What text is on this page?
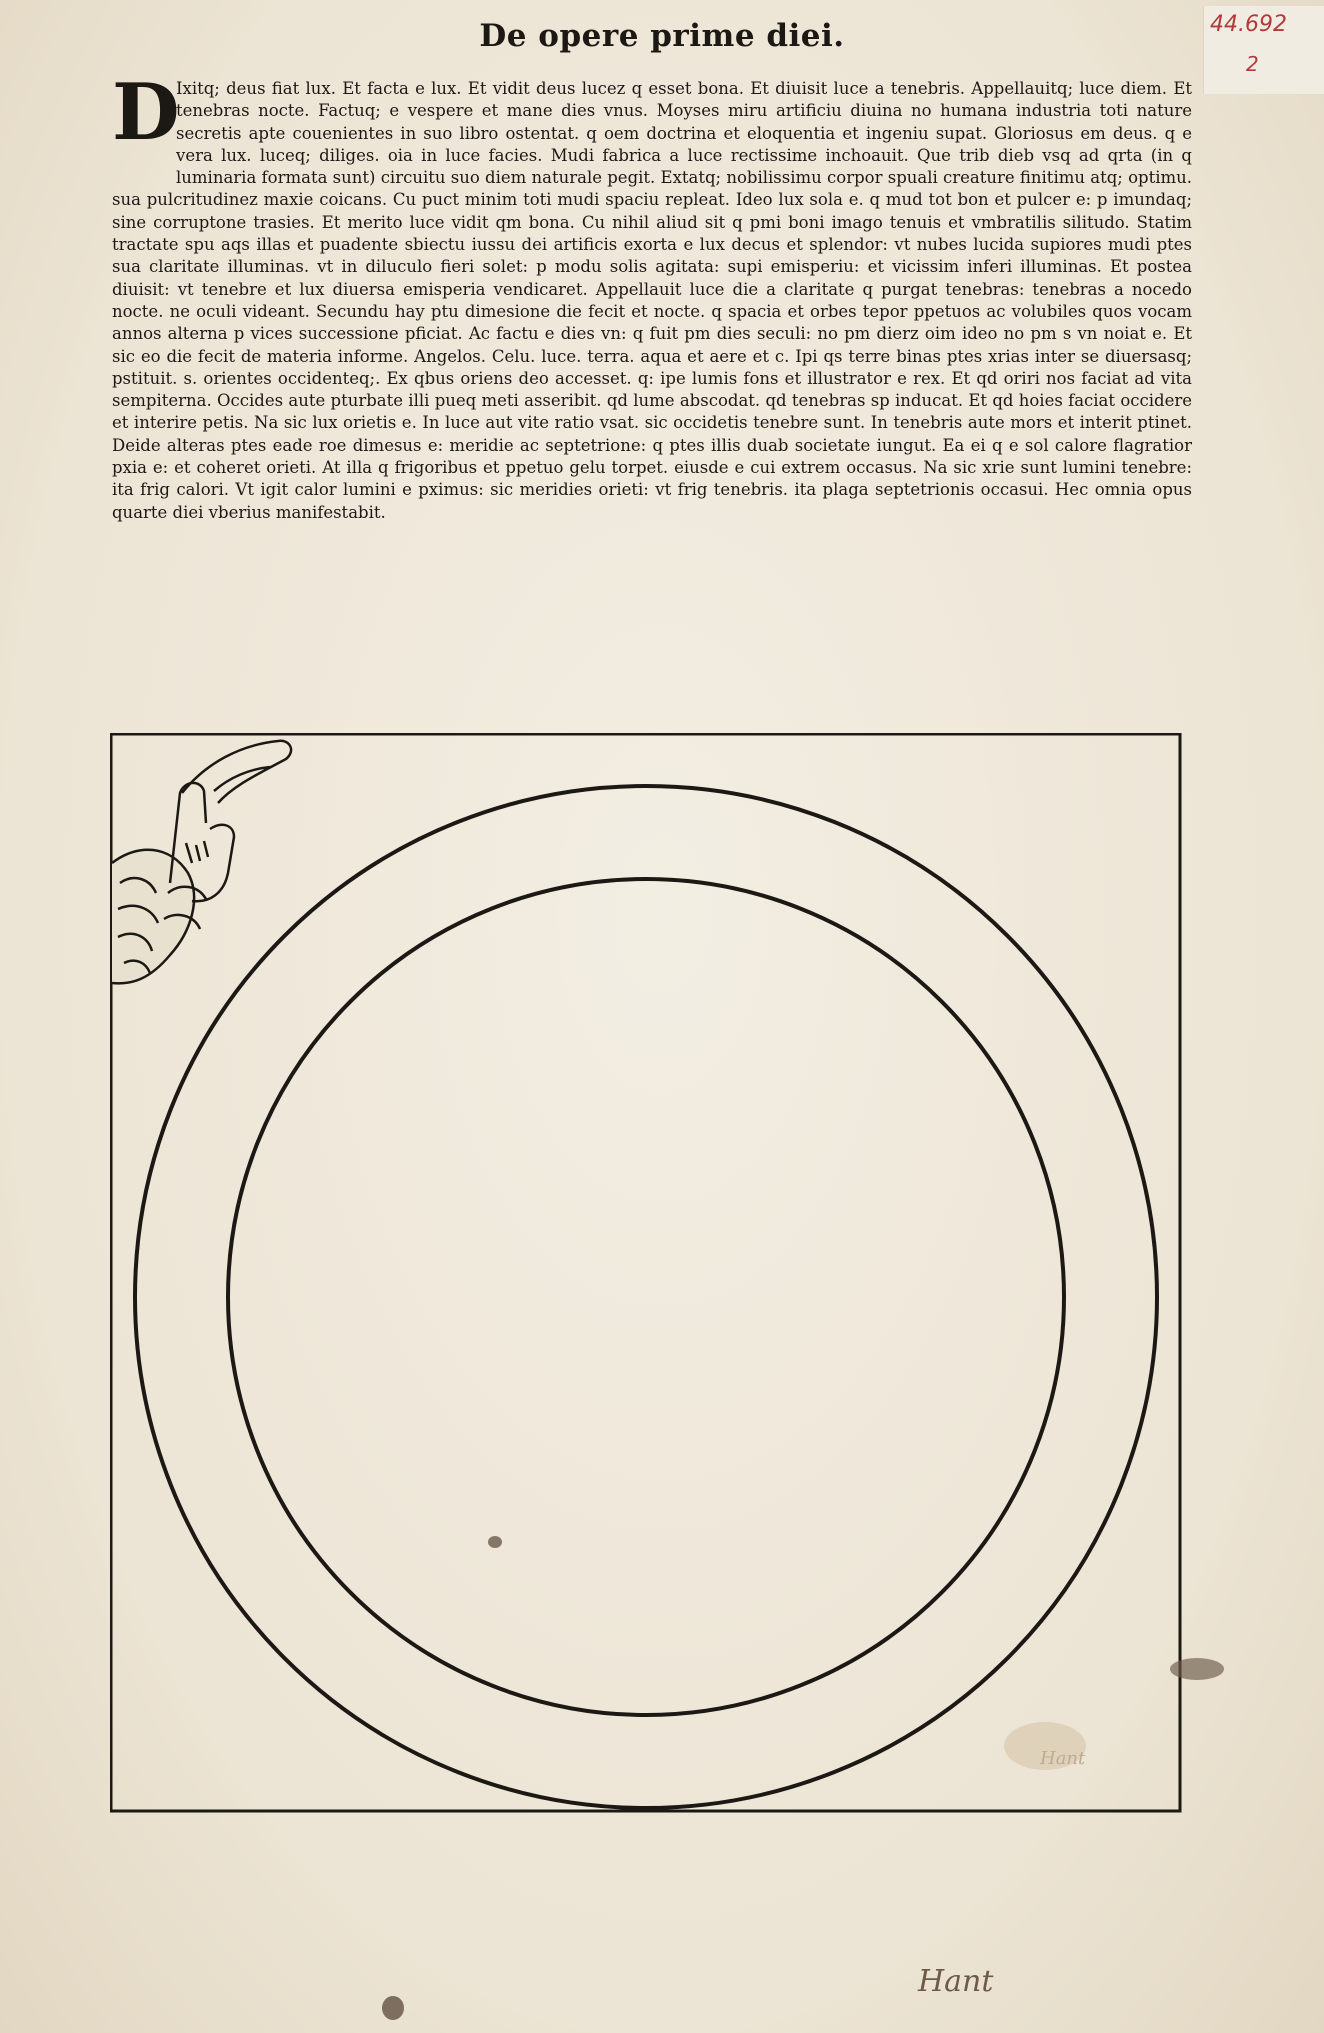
De opere prime diei.	44.692
2
D
Ixitq; deus fiat lux. Et facta e lux. Et vidit deus lucez q esset bona. Et diuisit luce a tenebris. Appellauitq; luce diem. Et tenebras nocte. Factuq; e vespere et mane dies vnus. Moyses miru artificiu diuina no humana industria toti nature secretis apte couenientes in suo libro ostentat. q oem doctrina et eloquentia et ingeniu supat. Gloriosus em deus. q e vera lux. luceq; diliges. oia in luce facies. Mudi fabrica a luce rectissime inchoauit. Que trib dieb vsq ad qrta (in q luminaria formata sunt) circuitu suo diem naturale pegit. Extatq; nobilissimu corpor spuali creature finitimu atq; optimu. sua pulcritudinez maxie coicans. Cu puct minim toti mudi spaciu repleat. Ideo lux sola e. q mud tot bon et pulcer e: p imundaq; sine corruptone trasies. Et merito luce vidit qm bona. Cu nihil aliud sit q pmi boni imago tenuis et vmbratilis silitudo. Statim tractate spu aqs illas et puadente sbiectu iussu dei artificis exorta e lux decus et splendor: vt nubes lucida supiores mudi ptes sua claritate illuminas. vt in diluculo fieri solet: p modu solis agitata: supi emisperiu: et vicissim inferi illuminas. Et postea diuisit: vt tenebre et lux diuersa emisperia vendicaret. Appellauit luce die a claritate q purgat tenebras: tenebras a nocedo nocte. ne oculi videant. Secundu hay ptu dimesione die fecit et nocte. q spacia et orbes tepor ppetuos ac volubiles quos vocam annos alterna p vices successione pficiat. Ac factu e dies vn: q fuit pm dies seculi: no pm dierz oim ideo no pm s vn noiat e. Et sic eo die fecit de materia informe. Angelos. Celu. luce. terra. aqua et aere et c. Ipi qs terre binas ptes xrias inter se diuersasq; pstituit. s. orientes occidenteq;. Ex qbus oriens deo accesset. q: ipe lumis fons et illustrator e rex. Et qd oriri nos faciat ad vita sempiterna. Occides aute pturbate illi pueq meti asseribit. qd lume abscodat. qd tenebras sp inducat. Et qd hoies faciat occidere et interire petis. Na sic lux orietis e. In luce aut vite ratio vsat. sic occidetis tenebre sunt. In tenebris aute mors et interit ptinet. Deide alteras ptes eade roe dimesus e: meridie ac septetrione: q ptes illis duab societate iungut. Ea ei q e sol calore flagratior pxia e: et coheret orieti. At illa q frigoribus et ppetuo gelu torpet. eiusde e cui extrem occasus. Na sic xrie sunt lumini tenebre: ita frig calori. Vt igit calor lumini e pximus: sic meridies orieti: vt frig tenebris. ita plaga septetrionis occasui. Hec omnia opus quarte diei vberius manifestabit.
Hant
Hant
